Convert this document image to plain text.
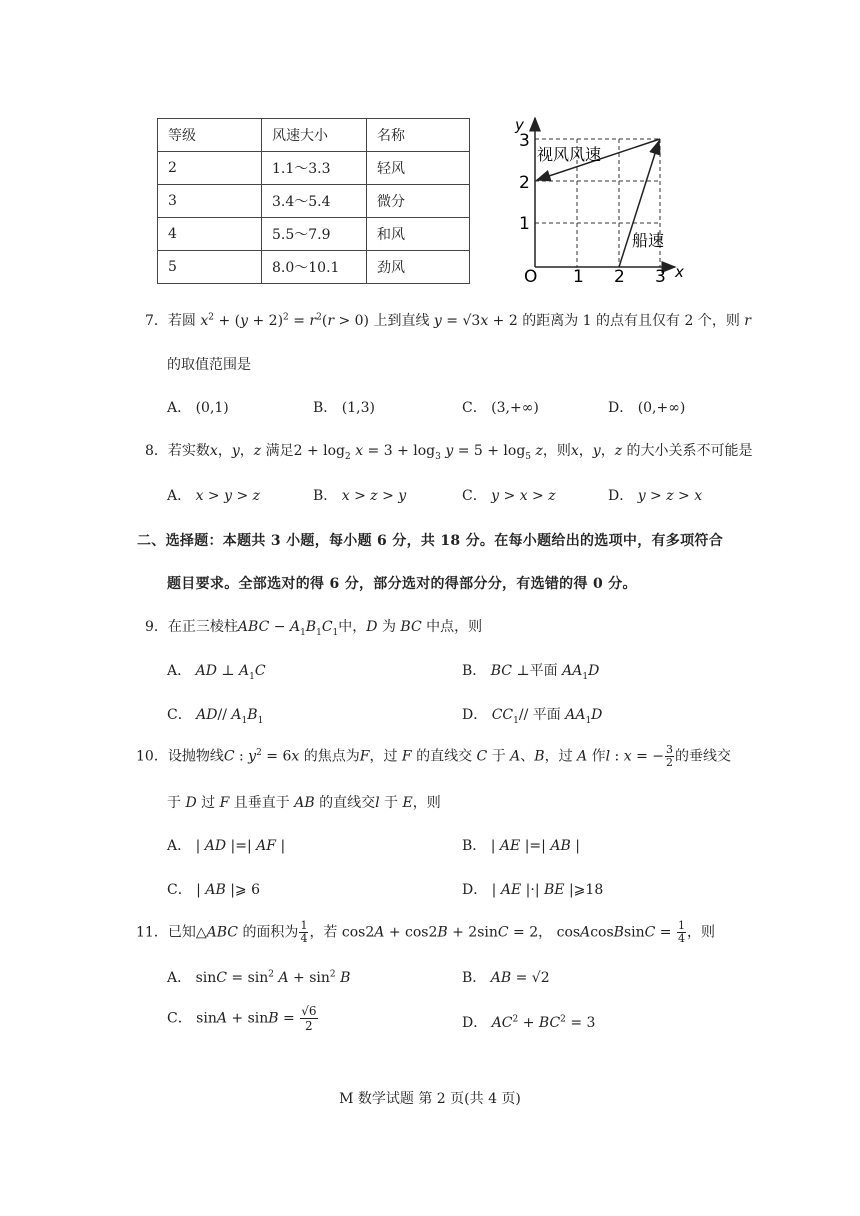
等级	风速大小	名称
2	1.1～3.3	轻风
3	3.4～5.4	微分
4	5.5～7.9	和风
5	8.0～10.1	劲风
y
x
3
2
1
O 1 2 3
视风风速
船速
7．若圆 $x^2 + (y + 2)^2 = r^2(r > 0)$ 上到直线 y = √3x + 2 的距离为 1 的点有且仅有 2 个，则 r
的取值范围是
A． (0,1)	B． (1,3)	C． (3,+∞)	D． (0,+∞)
8．若实数x，y，z 满足$2 + \log_2 x = 3 + \log_3 y = 5 + \log_5 z$，则x，y，z 的大小关系不可能是
A． x > y > z	B． x > z > y	C． y > x > z	D． y > z > x
二、选择题：本题共 3 小题，每小题 6 分，共 18 分。在每小题给出的选项中，有多项符合
题目要求。全部选对的得 6 分，部分选对的得部分分，有选错的得 0 分。
9．在正三棱柱ABC − $A_1B_1C_1$中，D 为 BC 中点，则
A． AD ⊥ $A_1C$	B． BC ⊥平面 $AA_1D$
C． AD// $A_1B_1$	D． $CC_1//$ 平面 $AA_1D$
10．设抛物线C : $y^2 = 6x$ 的焦点为F，过 F 的直线交 C 于 A、B，过 A 作l : x = − $\frac{3}{2}$ 的垂线交
于 D 过 F 且垂直于 AB 的直线交l 于 E，则
A． | AD |=| AF |	B． | AE |=| AB |
C． | AB |⩾ 6	D． | AE |·| BE |⩾18
11．已知△ABC 的面积为 $\frac{1}{4}$ ，若 cos2A + cos2B + 2sinC = 2， cosAcosBsinC = $\frac{1}{4}$ ，则
A． $\sin C = \sin^2 A + \sin^2 B$	B． AB = √2
C． $\sin A + \sin B = \frac{√6}{2}$	D． $AC^2 + BC^2 = 3$
M 数学试题 第 2 页(共 4 页)
